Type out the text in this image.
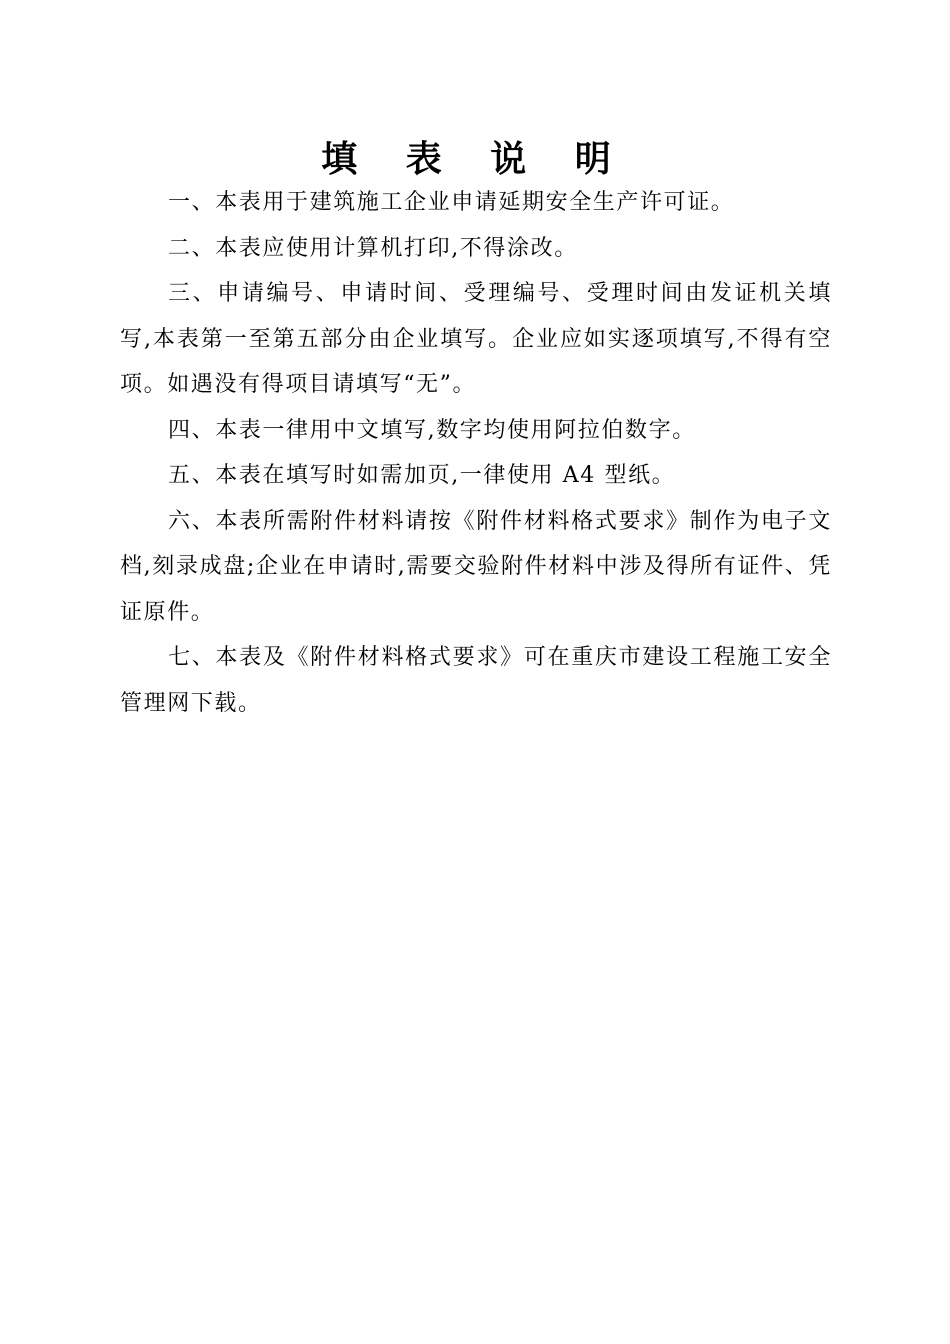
填 表 说 明

一、本表用于建筑施工企业申请延期安全生产许可证。

二、本表应使用计算机打印,不得涂改。

三、申请编号、申请时间、受理编号、受理时间由发证机关填写,本表第一至第五部分由企业填写。企业应如实逐项填写,不得有空项。如遇没有得项目请填写“无”。

四、本表一律用中文填写,数字均使用阿拉伯数字。

五、本表在填写时如需加页,一律使用 A4 型纸。

六、本表所需附件材料请按《附件材料格式要求》制作为电子文档,刻录成盘;企业在申请时,需要交验附件材料中涉及得所有证件、凭证原件。

七、本表及《附件材料格式要求》可在重庆市建设工程施工安全管理网下载。
